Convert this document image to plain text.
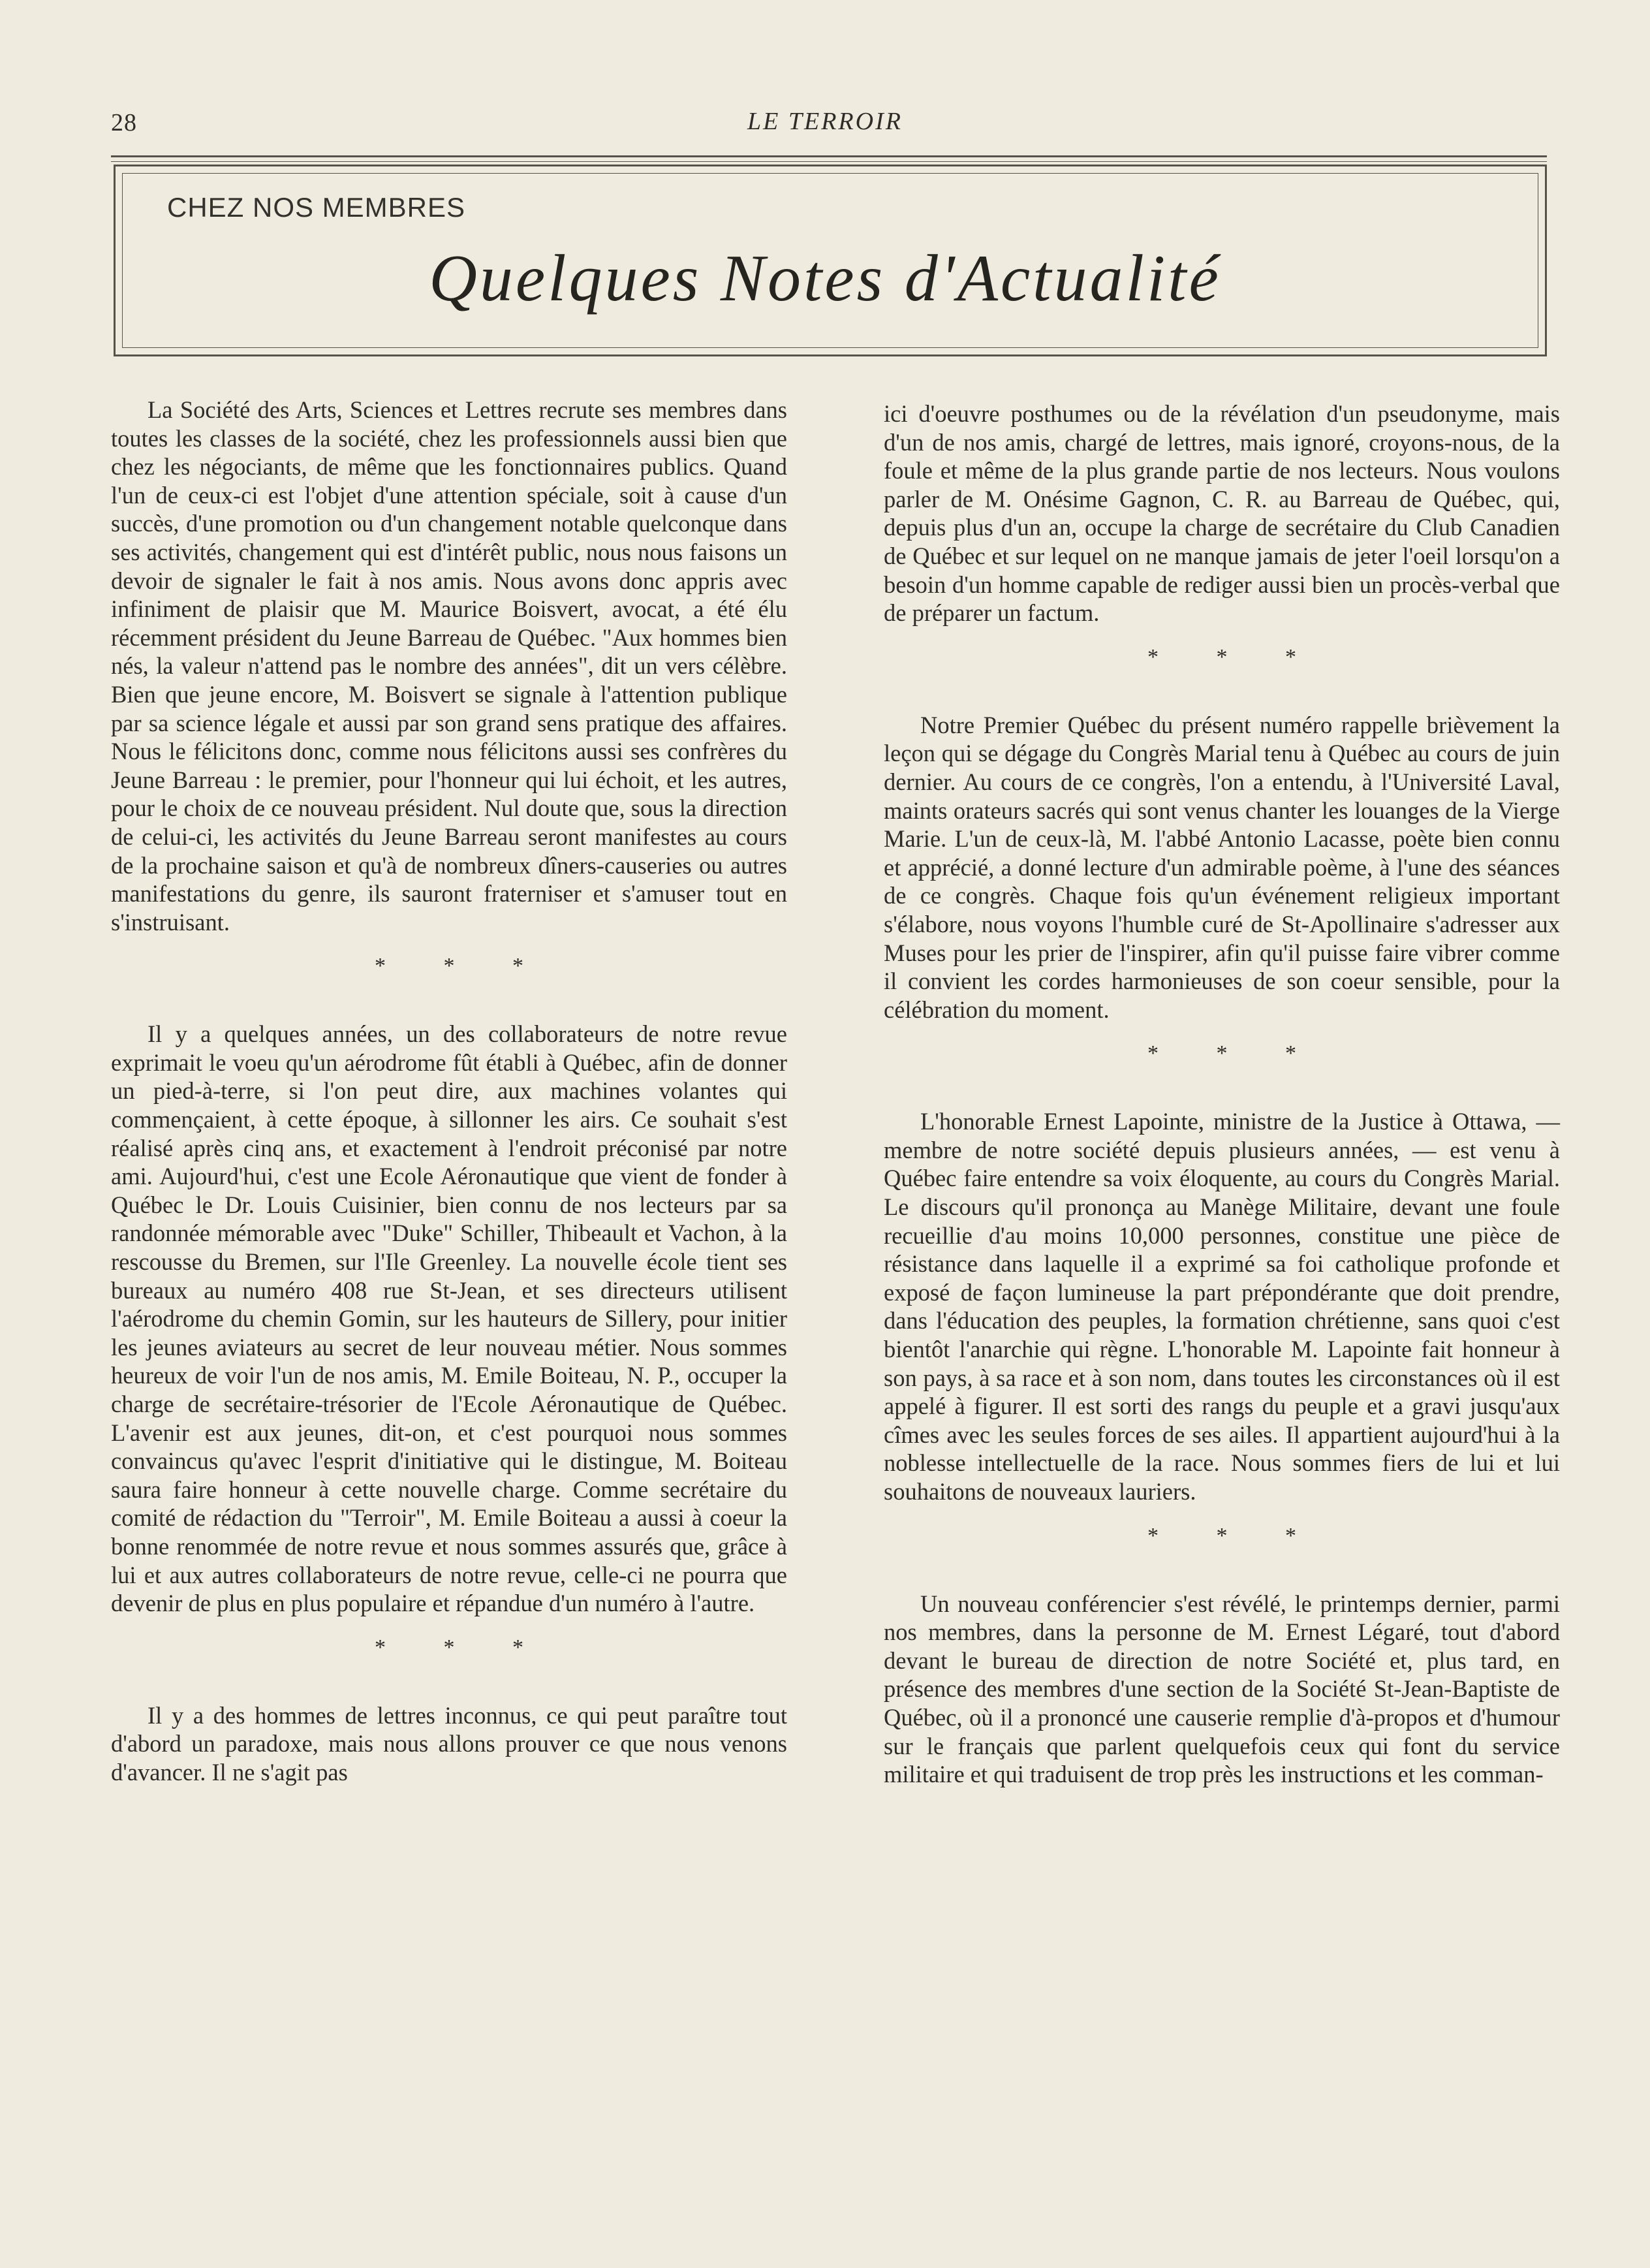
28	LE TERROIR
CHEZ NOS MEMBRES
Quelques Notes d'Actualité

La Société des Arts, Sciences et Lettres recrute ses membres dans toutes les classes de la société, chez les professionnels aussi bien que chez les négociants, de même que les fonctionnaires publics. Quand l'un de ceux-ci est l'objet d'une attention spéciale, soit à cause d'un succès, d'une promotion ou d'un changement notable quelconque dans ses activités, changement qui est d'intérêt public, nous nous faisons un devoir de signaler le fait à nos amis. Nous avons donc appris avec infiniment de plaisir que M. Maurice Boisvert, avocat, a été élu récemment président du Jeune Barreau de Québec. "Aux hommes bien nés, la valeur n'attend pas le nombre des années", dit un vers célèbre. Bien que jeune encore, M. Boisvert se signale à l'attention publique par sa science légale et aussi par son grand sens pratique des affaires. Nous le félicitons donc, comme nous félicitons aussi ses confrères du Jeune Barreau : le premier, pour l'honneur qui lui échoit, et les autres, pour le choix de ce nouveau président. Nul doute que, sous la direction de celui-ci, les activités du Jeune Barreau seront manifestes au cours de la prochaine saison et qu'à de nombreux dîners-causeries ou autres manifestations du genre, ils sauront fraterniser et s'amuser tout en s'instruisant.

* * *

Il y a quelques années, un des collaborateurs de notre revue exprimait le voeu qu'un aérodrome fût établi à Québec, afin de donner un pied-à-terre, si l'on peut dire, aux machines volantes qui commençaient, à cette époque, à sillonner les airs. Ce souhait s'est réalisé après cinq ans, et exactement à l'endroit préconisé par notre ami. Aujourd'hui, c'est une Ecole Aéronautique que vient de fonder à Québec le Dr. Louis Cuisinier, bien connu de nos lecteurs par sa randonnée mémorable avec "Duke" Schiller, Thibeault et Vachon, à la rescousse du Bremen, sur l'Ile Greenley. La nouvelle école tient ses bureaux au numéro 408 rue St-Jean, et ses directeurs utilisent l'aérodrome du chemin Gomin, sur les hauteurs de Sillery, pour initier les jeunes aviateurs au secret de leur nouveau métier. Nous sommes heureux de voir l'un de nos amis, M. Emile Boiteau, N. P., occuper la charge de secrétaire-trésorier de l'Ecole Aéronautique de Québec. L'avenir est aux jeunes, dit-on, et c'est pourquoi nous sommes convaincus qu'avec l'esprit d'initiative qui le distingue, M. Boiteau saura faire honneur à cette nouvelle charge. Comme secrétaire du comité de rédaction du "Terroir", M. Emile Boiteau a aussi à coeur la bonne renommée de notre revue et nous sommes assurés que, grâce à lui et aux autres collaborateurs de notre revue, celle-ci ne pourra que devenir de plus en plus populaire et répandue d'un numéro à l'autre.

* * *

Il y a des hommes de lettres inconnus, ce qui peut paraître tout d'abord un paradoxe, mais nous allons prouver ce que nous venons d'avancer. Il ne s'agit pas

ici d'oeuvre posthumes ou de la révélation d'un pseudonyme, mais d'un de nos amis, chargé de lettres, mais ignoré, croyons-nous, de la foule et même de la plus grande partie de nos lecteurs. Nous voulons parler de M. Onésime Gagnon, C. R. au Barreau de Québec, qui, depuis plus d'un an, occupe la charge de secrétaire du Club Canadien de Québec et sur lequel on ne manque jamais de jeter l'oeil lorsqu'on a besoin d'un homme capable de rediger aussi bien un procès-verbal que de préparer un factum.

* * *

Notre Premier Québec du présent numéro rappelle brièvement la leçon qui se dégage du Congrès Marial tenu à Québec au cours de juin dernier. Au cours de ce congrès, l'on a entendu, à l'Université Laval, maints orateurs sacrés qui sont venus chanter les louanges de la Vierge Marie. L'un de ceux-là, M. l'abbé Antonio Lacasse, poète bien connu et apprécié, a donné lecture d'un admirable poème, à l'une des séances de ce congrès. Chaque fois qu'un événement religieux important s'élabore, nous voyons l'humble curé de St-Apollinaire s'adresser aux Muses pour les prier de l'inspirer, afin qu'il puisse faire vibrer comme il convient les cordes harmonieuses de son coeur sensible, pour la célébration du moment.

* * *

L'honorable Ernest Lapointe, ministre de la Justice à Ottawa, — membre de notre société depuis plusieurs années, — est venu à Québec faire entendre sa voix éloquente, au cours du Congrès Marial. Le discours qu'il prononça au Manège Militaire, devant une foule recueillie d'au moins 10,000 personnes, constitue une pièce de résistance dans laquelle il a exprimé sa foi catholique profonde et exposé de façon lumineuse la part prépondérante que doit prendre, dans l'éducation des peuples, la formation chrétienne, sans quoi c'est bientôt l'anarchie qui règne. L'honorable M. Lapointe fait honneur à son pays, à sa race et à son nom, dans toutes les circonstances où il est appelé à figurer. Il est sorti des rangs du peuple et a gravi jusqu'aux cîmes avec les seules forces de ses ailes. Il appartient aujourd'hui à la noblesse intellectuelle de la race. Nous sommes fiers de lui et lui souhaitons de nouveaux lauriers.

* * *

Un nouveau conférencier s'est révélé, le printemps dernier, parmi nos membres, dans la personne de M. Ernest Légaré, tout d'abord devant le bureau de direction de notre Société et, plus tard, en présence des membres d'une section de la Société St-Jean-Baptiste de Québec, où il a prononcé une causerie remplie d'à-propos et d'humour sur le français que parlent quelquefois ceux qui font du service militaire et qui traduisent de trop près les instructions et les comman-
